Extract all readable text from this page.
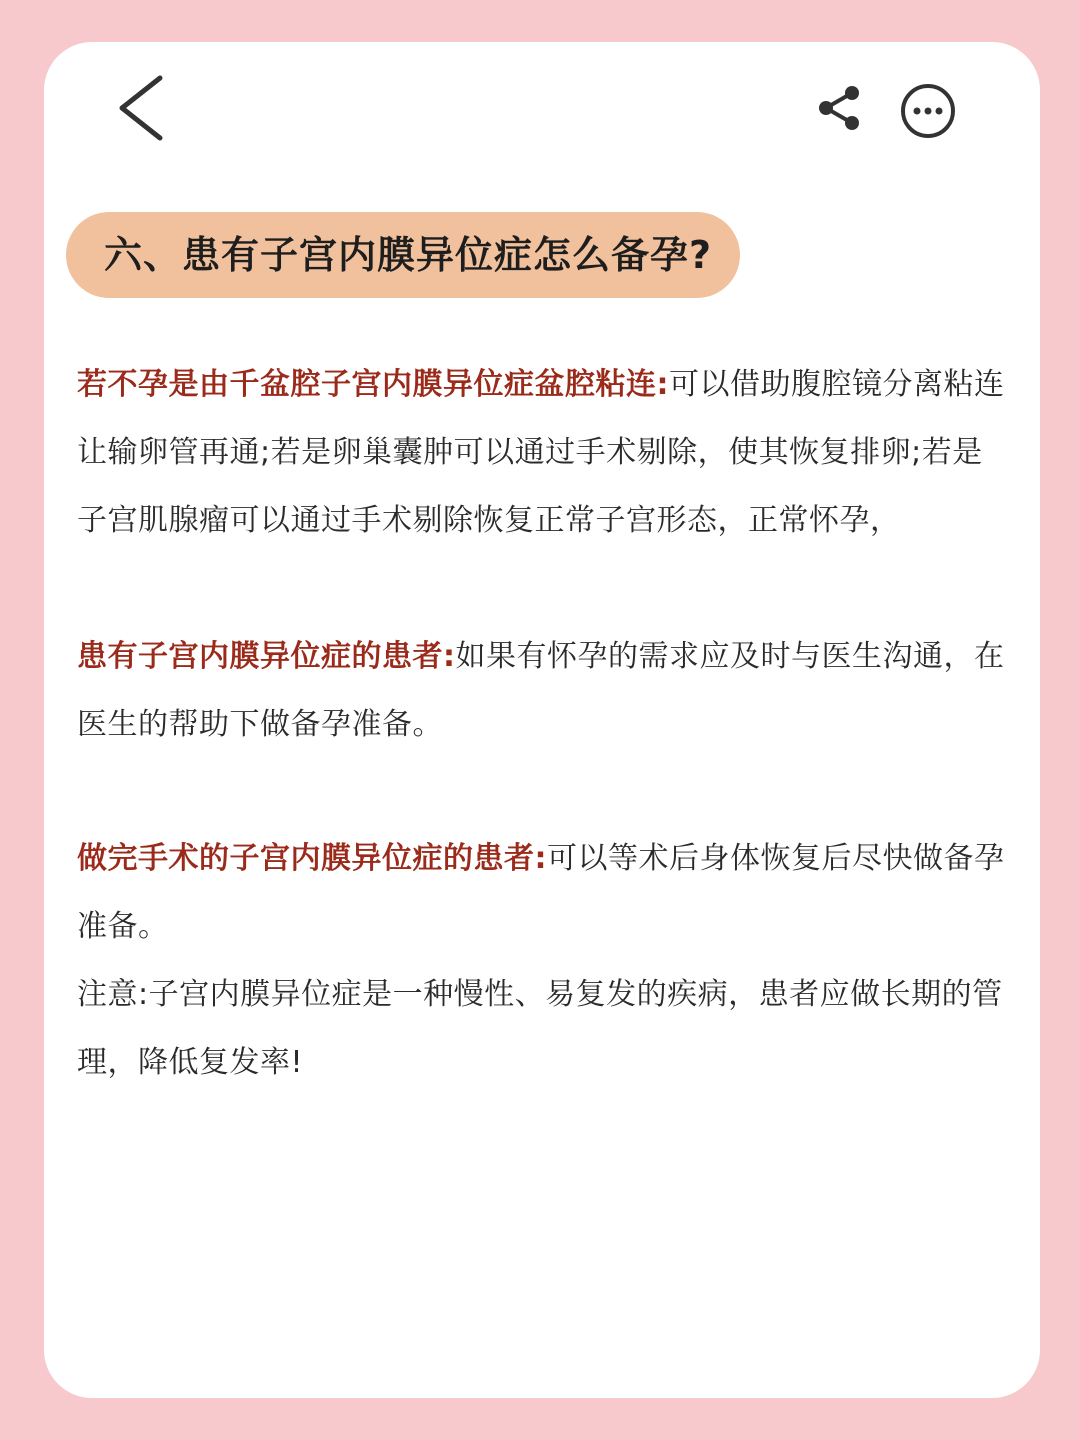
六、患有子宫内膜异位症怎么备孕?

若不孕是由千盆腔子宫内膜异位症盆腔粘连:可以借助腹腔镜分离粘连让输卵管再通;若是卵巢囊肿可以通过手术剔除，使其恢复排卵;若是子宫肌腺瘤可以通过手术剔除恢复正常子宫形态，正常怀孕，

患有子宫内膜异位症的患者:如果有怀孕的需求应及时与医生沟通，在医生的帮助下做备孕准备。

做完手术的子宫内膜异位症的患者:可以等术后身体恢复后尽快做备孕准备。

注意:子宫内膜异位症是一种慢性、易复发的疾病，患者应做长期的管理，降低复发率!
